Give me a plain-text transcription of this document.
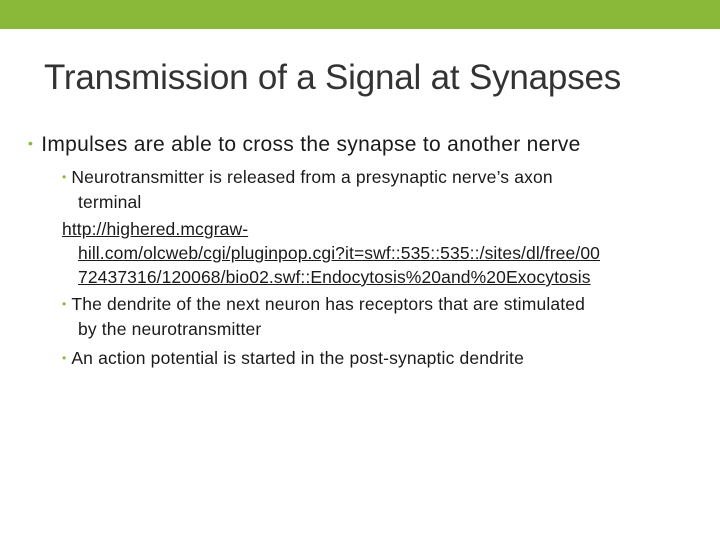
Transmission of a Signal at Synapses
• Impulses are able to cross the synapse to another nerve
• Neurotransmitter is released from a presynaptic nerve’s axon
terminal
http://highered.mcgraw-
hill.com/olcweb/cgi/pluginpop.cgi?it=swf::535::535::/sites/dl/free/00
72437316/120068/bio02.swf::Endocytosis%20and%20Exocytosis
• The dendrite of the next neuron has receptors that are stimulated
by the neurotransmitter
• An action potential is started in the post-synaptic dendrite
